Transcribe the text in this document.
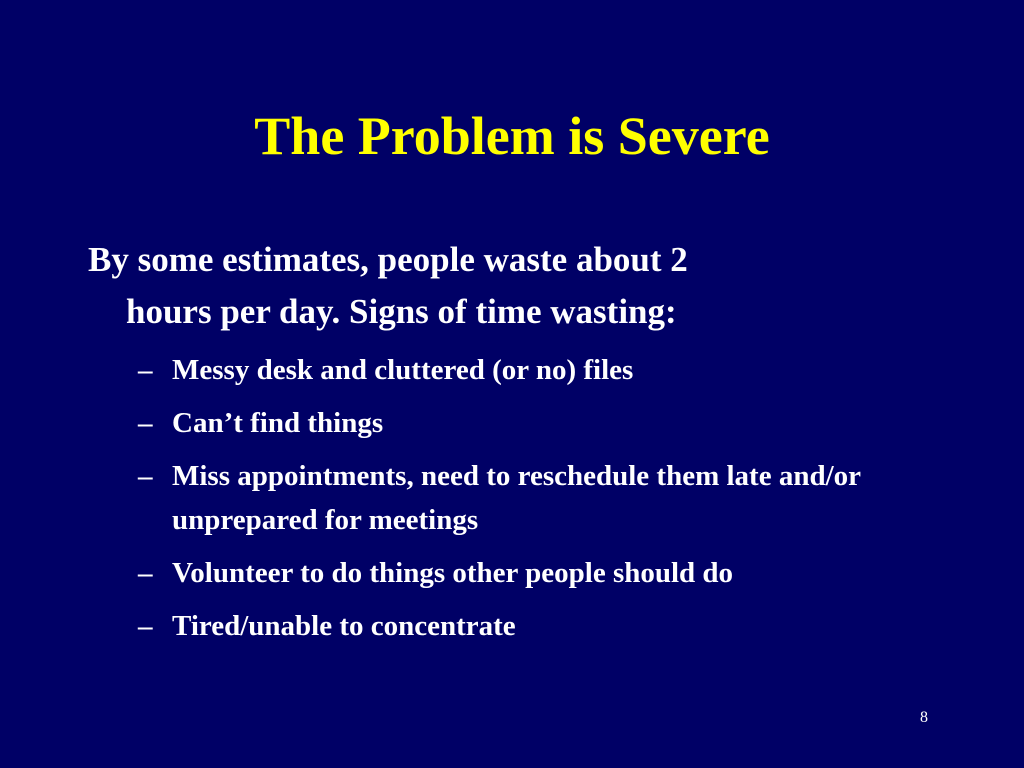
The Problem is Severe

By some estimates, people waste about 2
hours per day. Signs of time wasting:

– Messy desk and cluttered (or no) files
– Can’t find things
– Miss appointments, need to reschedule them late and/or unprepared for meetings
– Volunteer to do things other people should do
– Tired/unable to concentrate
8
